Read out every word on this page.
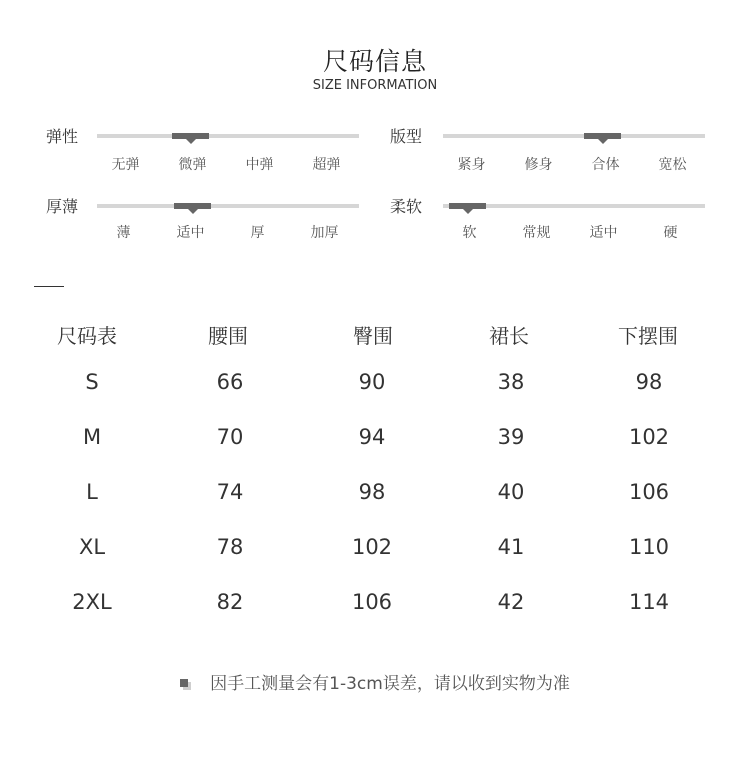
尺码信息
SIZE INFORMATION
弹性
无弹	微弹	中弹	超弹
版型
紧身	修身	合体	宽松
厚薄
薄	适中	厚	加厚
柔软
软	常规	适中	硬
尺码表	腰围	臀围	裙长	下摆围
S	66	90	38	98
M	70	94	39	102
L	74	98	40	106
XL	78	102	41	110
2XL	82	106	42	114
因手工测量会有1-3cm误差，请以收到实物为准
